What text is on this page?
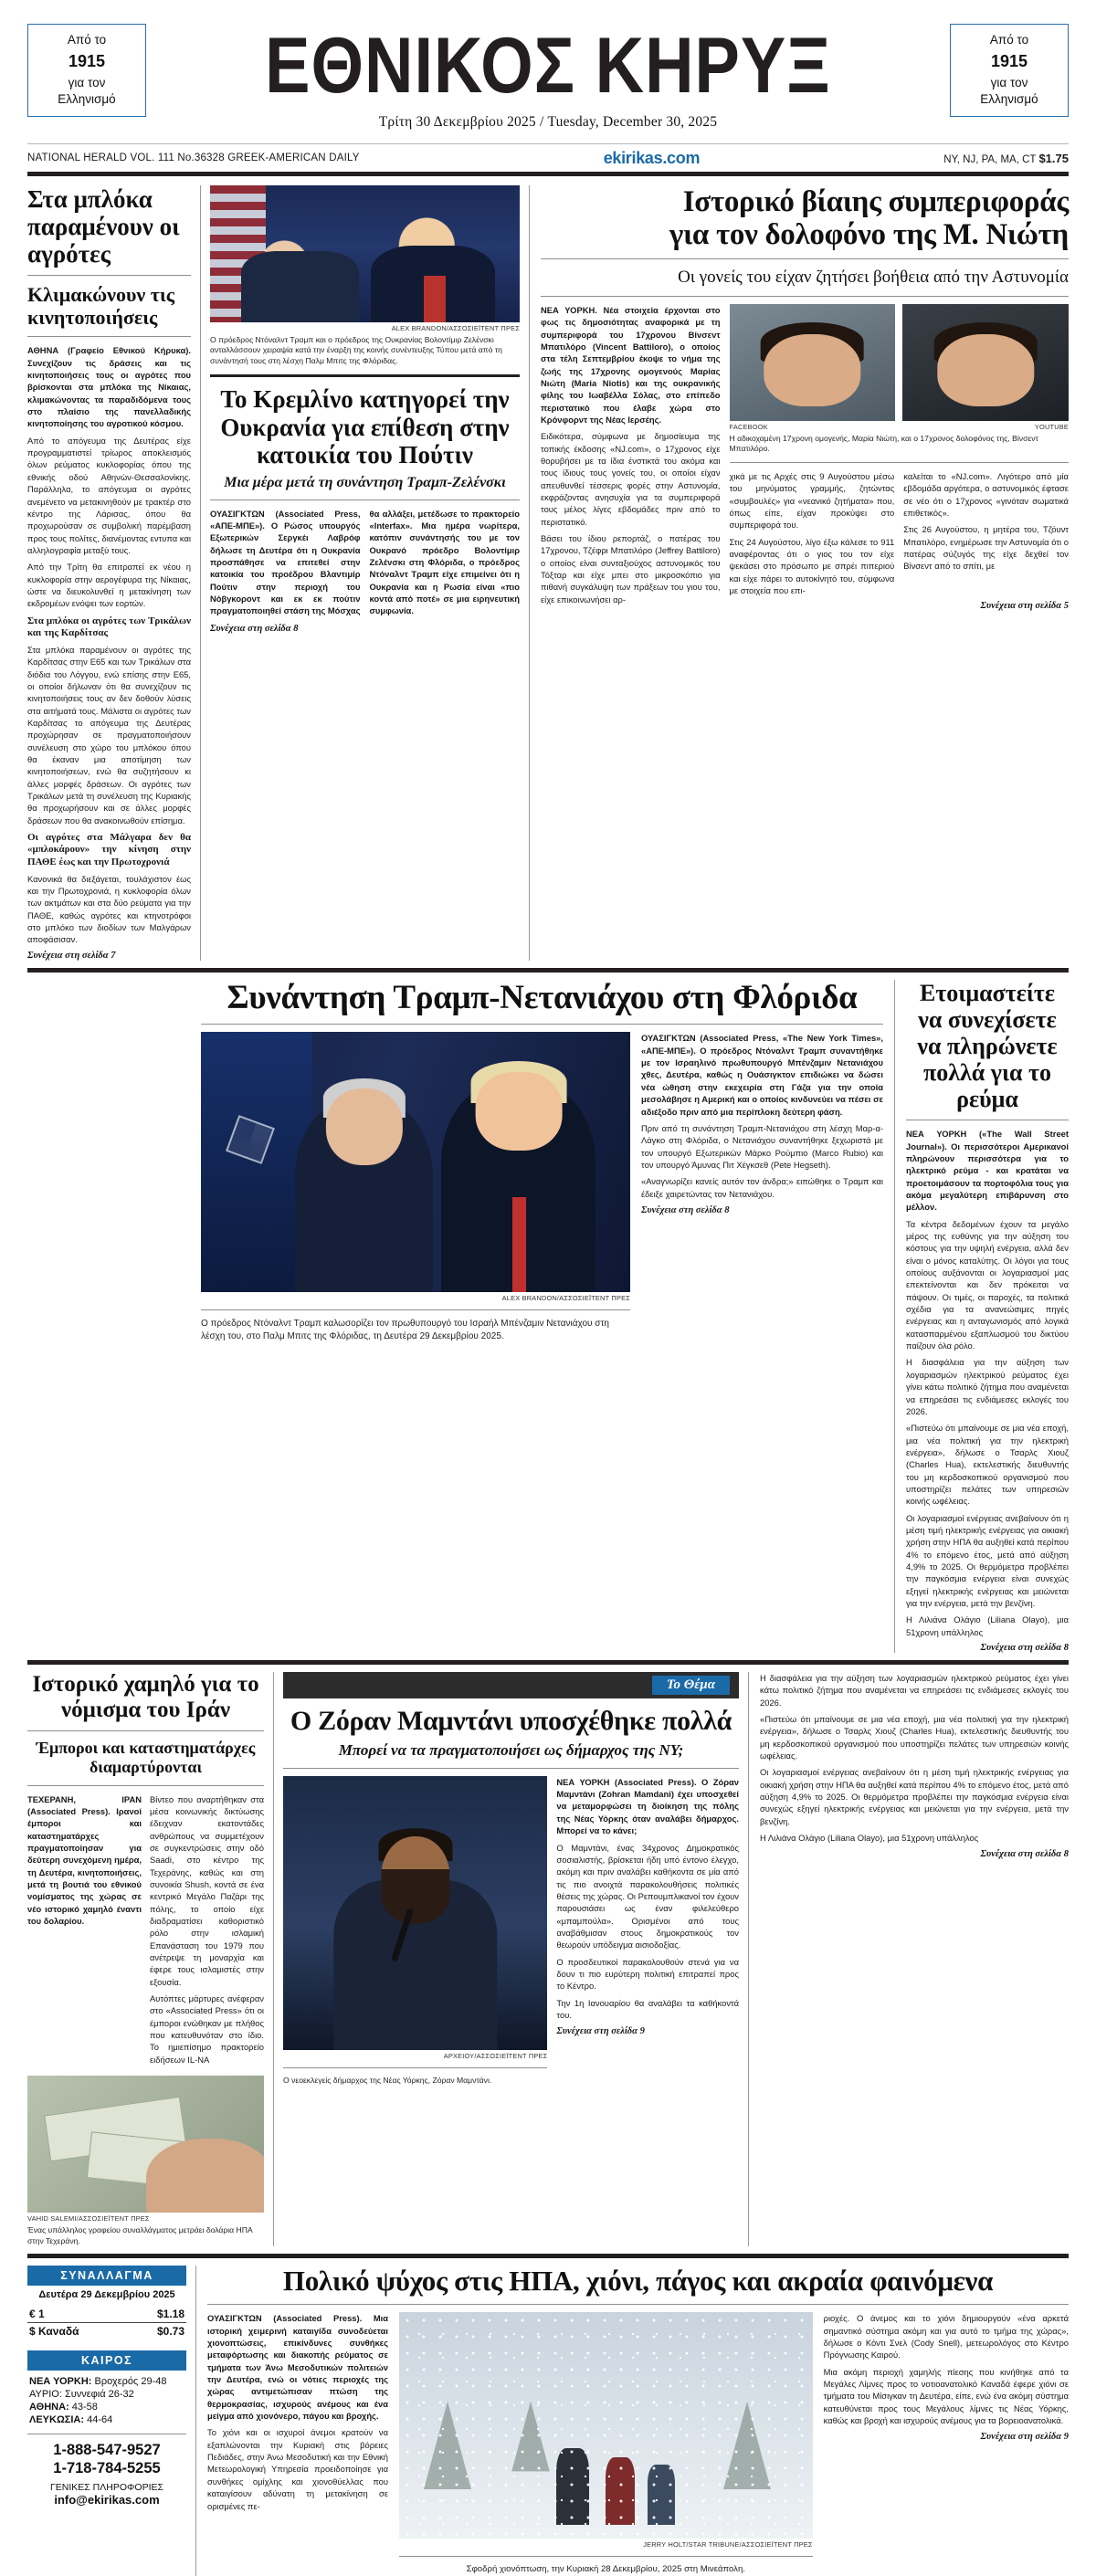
Από το
1915
για τον
Ελληνισμό	ΕΘΝΙΚΟΣ ΚΗΡΥΞ
Τρίτη 30 Δεκεμβρίου 2025 / Tuesday, December 30, 2025
Από το
1915
για τον
Ελληνισμό
NATIONAL HERALD VOL. 111 No.36328 GREEK-AMERICAN DAILY	ekirikas.com	NY, NJ, PA, MA, CT $1.75
Στα μπλόκα παραμένουν οι αγρότες
Κλιμακώνουν τις κινητοποιήσεις

ΑΘΗΝΑ (Γραφείο Εθνικού Κήρυκα). Συνεχίζουν τις δράσεις και τις κινητοποιήσεις τους οι αγρότες που βρίσκονται στα μπλόκα της Νίκαιας, κλιμακώνοντας τα παραδιδόμενα τους στο πλαίσιο της πανελλαδικής κινητοποίησης του αγροτικού κόσμου.

Από το απόγευμα της Δευτέρας είχε προγραμματιστεί τρίωρος αποκλεισμός όλων ρεύματος κυκλοφορίας όπου της εθνικής οδού Αθηνών-Θεσσαλονίκης. Παράλληλα, το απόγευμα οι αγρότες ανεμένετο να μετακινηθούν με τρακτέρ στο κέντρο της Λάρισας, όπου θα προχωρούσαν σε συμβολική παρέμβαση προς τους πολίτες, διανέμοντας εντυπα και αλληλογραφία μεταξύ τους.

Από την Τρίτη θα επιτραπεί εκ νέου η κυκλοφορία στην αερογέφυρα της Νίκαιας, ώστε να διευκολυνθεί η μετακίνηση των εκδρομέων ενόψει των εορτών.

Στα μπλόκα οι αγρότες των Τρικάλων και της Καρδίτσας

Στα μπλόκα παραμένουν οι αγρότες της Καρδίτσας στην Ε65 και των Τρικάλων στα διόδια του Λόγγου, ενώ επίσης στην Ε65, οι οποίοι δήλωναν ότι θα συνεχίζουν τις κινητοποιήσεις τους αν δεν δοθούν λύσεις στα αιτήματά τους. Μάλιστα οι αγρότες των Καρδίτσας το απόγευμα της Δευτέρας προχώρησαν σε πραγματοποιήσουν συνέλευση στο χώρο του μπλόκου όπου θα έκαναν μια αποτίμηση των κινητοποιήσεων, ενώ θα συζητήσουν κι άλλες μορφές δράσεων. Οι αγρότες των Τρικάλων μετά τη συνέλευση της Κυριακής θα προχωρήσουν και σε άλλες μορφές δράσεων που θα ανακοινωθούν επίσημα.

Οι αγρότες στα Μάλγαρα δεν θα «μπλοκάρουν» την κίνηση στην ΠΑΘΕ έως και την Πρωτοχρονιά

Κανονικά θα διεξάγεται, τουλάχιστον έως και την Πρωτοχρονιά, η κυκλοφορία όλων των ακτμάτων και στα δύο ρεύματα για την ΠΑΘΕ, καθώς αγρότες και κτηνοτρόφοι στο μπλόκο των διοδίων των Μαλγάρων αποφάσισαν.

Συνέχεια στη σελίδα 7
ALEX BRANDON/ΑΣΣΟΣΙΕΪΤΕΝΤ ΠΡΕΣ
Ο πρόεδρος Ντόναλντ Τραμπ και ο πρόεδρος της Ουκρανίας Βολοντίμιρ Ζελένσκι ανταλλάσσουν χειραψία κατά την έναρξη της κοινής συνέντευξης Τύπου μετά από τη συνάντησή τους στη λέσχη Παλμ Μπιτς της Φλόριδας.
Το Κρεμλίνο κατηγορεί την Ουκρανία για επίθεση στην κατοικία του Πούτιν
Μια μέρα μετά τη συνάντηση Τραμπ-Ζελένσκι

ΟΥΑΣΙΓΚΤΩΝ (Associated Press, «ΑΠΕ-ΜΠΕ»). Ο Ρώσος υπουργός Εξωτερικών Σεργκέι Λαβρόφ δήλωσε τη Δευτέρα ότι η Ουκρανία προσπάθησε να επιτεθεί στην κατοικία του προέδρου Βλαντιμίρ Πούτιν στην περιοχή του Νόβγκοροντ και εκ εκ πούτιν πραγματοποιηθεί στάση της Μόσχας θα αλλάξει, μετέδωσε το πρακτορείο «Interfax». Μια ημέρα νωρίτερα, κατόπιν συνάντησής του με τον Ουκρανό πρόεδρο Βολοντίμιρ Ζελένσκι στη Φλόριδα, ο πρόεδρος Ντόναλντ Τραμπ είχε επιμείνει ότι η Ουκρανία και η Ρωσία είναι «πιο κοντά από ποτέ» σε μια ειρηνευτική συμφωνία.

Συνέχεια στη σελίδα 8
Ιστορικό βίαιης συμπεριφοράς
για τον δολοφόνο της Μ. Νιώτη
Οι γονείς του είχαν ζητήσει βοήθεια από την Αστυνομία

ΝΕΑ ΥΟΡΚΗ. Νέα στοιχεία έρχονται στο φως τις δημοσιότητας αναφορικά με τη συμπεριφορά του 17χρονου Βίνσεντ Μπατιλόρο (Vincent Battiloro), ο οποίος στα τέλη Σεπτεμβρίου έκοψε το νήμα της ζωής της 17χρονης ομογενούς Μαρίας Νιώτη (Maria Niotis) και της ουκρανικής φίλης του Ιωαβέλλα Σόλας, στο επίπεδο περιστατικό που έλαβε χώρα στο Κρόνφορντ της Νέας Ιερσέης.

Ειδικότερα, σύμφωνα με δημοσίευμα της τοπικής έκδοσης «NJ.com», ο 17χρονος είχε θορυβήσει με τα ίδια ένστικτά του ακόμα και τους ίδιους τους γονείς του, οι οποίοι είχαν απευθυνθεί τέσσερις φορές στην Αστυνομία, εκφράζοντας ανησυχία για τα συμπεριφορά τους μέλος λίγες εβδομάδες πριν από το περιστατικό.

Βάσει του ίδιου ρεπορτάζ, ο πατέρας του 17χρονου, Τζέφρι Μπατιλόρο (Jeffrey Battiloro) ο οποίος είναι συνταξιούχος αστυνομικός του Τόξταρ και είχε μπει στο μικροσκόπιο για πιθανή συγκάλυψη των πράξεων του γιου του, είχε επικοινωνήσει αρ-

FACEBOOK	YOUTUBE
Η αδικοχαμένη 17χρονη ομογενής, Μαρία Νιώτη, και ο 17χρονος δολοφόνος της, Βίνσεντ Μπατιλόρο.

χικά με τις Αρχές στις 9 Αυγούστου μέσω του μηνύματος γραμμής, ζητώντας «συμβουλές» για «νεανικό ζητήματα» που, όπως είπε, είχαν προκύψει στο συμπεριφορά του.

Στις 24 Αυγούστου, λίγο έξω κάλεσε το 911 αναφέροντας ότι ο γιος του τον είχε ψεκάσει στο πρόσωπο με σπρέι πιπεριού και είχε πάρει το αυτοκίνητό του, σύμφωνα με στοιχεία που επι-

καλείται το «NJ.com». Λιγότερο από μία εβδομάδα αργότερα, ο αστυνομικός έφτασε σε νέο ότι ο 17χρονος «γινόταν σωματικά επιθετικός».

Στις 26 Αυγούστου, η μητέρα του, Τζόυντ Μπατιλόρο, ενημέρωσε την Αστυνομία ότι ο πατέρας σύζυγός της είχε δεχθεί τον Βίνσεντ από το σπίτι, με

Συνέχεια στη σελίδα 5
Συνάντηση Τραμπ-Νετανιάχου στη Φλόριδα
ALEX BRANDON/ΑΣΣΟΣΙΕΪΤΕΝΤ ΠΡΕΣ
Ο πρόεδρος Ντόναλντ Τραμπ καλωσορίζει τον πρωθυπουργό του Ισραήλ Μπένζαμιν Νετανιάχου στη λέσχη του, στο Παλμ Μπιτς της Φλόριδας, τη Δευτέρα 29 Δεκεμβρίου 2025.

ΟΥΑΣΙΓΚΤΩΝ (Associated Press, «The New York Times», «ΑΠΕ-ΜΠΕ»). Ο πρόεδρος Ντόναλντ Τραμπ συναντήθηκε με τον Ισραηλινό πρωθυπουργό Μπένζαμιν Νετανιάχου χθες, Δευτέρα, καθώς η Ουάσιγκτον επιδιώκει να δώσει νέα ώθηση στην εκεχειρία στη Γάζα για την οποία μεσολάβησε η Αμερική και ο οποίος κινδυνεύει να πέσει σε αδιέξοδο πριν από μια περίπλοκη δεύτερη φάση.

Πριν από τη συνάντηση Τραμπ-Νετανιάχου στη λέσχη Μαρ-α-Λάγκο στη Φλόριδα, ο Νετανιάχου συναντήθηκε ξεχωριστά με τον υπουργό Εξωτερικών Μάρκο Ρούμπιο (Marco Rubio) και τον υπουργό Άμυνας Πιτ Χέγκσεθ (Pete Hegseth).

«Αναγνωρίζει κανείς αυτόν τον άνδρα;» ειπώθηκε ο Τραμπ και έδειξε χαιρετώντας τον Νετανιάχου.

Συνέχεια στη σελίδα 8
Ετοιμαστείτε να συνεχίσετε να πληρώνετε πολλά για το ρεύμα

ΝΕΑ ΥΟΡΚΗ («The Wall Street Journal»). Οι περισσότεροι Αμερικανοί πληρώνουν περισσότερα για το ηλεκτρικό ρεύμα - και κρατάται να προετοιμάσουν τα πορτοφόλια τους για ακόμα μεγαλύτερη επιβάρυνση στο μέλλον.

Τα κέντρα δεδομένων έχουν τα μεγάλο μέρος της ευθύνης για την αύξηση του κόστους για την υψηλή ενέργεια, αλλά δεν είναι ο μόνος καταλύτης. Οι λόγοι για τους οποίους αυξάνονται οι λογαριασμοί μας επεκτείνονται και δεν πρόκειται να πάψουν. Οι τιμές, οι παροχές, τα πολιτικά σχέδια για τα ανανεώσιμες πηγές ενέργειας και η ανταγωνισμός από λογικά κατασπαρμένου εξαπλωσμού του δικτύου παίζουν όλα ρόλο.

Η διασφάλεια για την αύξηση των λογαριασμών ηλεκτρικού ρεύματος έχει γίνει κάτω πολιτικό ζήτημα που αναμένεται να επηρεάσει τις ενδιάμεσες εκλογές του 2026.

«Πιστεύω ότι μπαίνουμε σε μια νέα εποχή, μια νέα πολιτική για την ηλεκτρική ενέργεια», δήλωσε ο Τσαρλς Χιουζ (Charles Hua), εκτελεστικής διευθυντής του μη κερδοσκοπικού οργανισμού που υποστηρίζει πελάτες των υπηρεσιών κοινής ωφέλειας.

Οι λογαριασμοί ενέργειας ανεβαίνουν ότι η μέση τιμή ηλεκτρικής ενέργειας για οικιακή χρήση στην ΗΠΑ θα αυξηθεί κατά περίπου 4% το επόμενο έτος, μετά από αύξηση 4,9% το 2025. Οι θερμόμετρα προβλέπει την παγκόσμια ενέργεια είναι συνεχώς εξηγεί ηλεκτρικής ενέργειας και μειώνεται για την ενέργεια, μετά την βενζίνη.

Η Λιλιάνα Ολάγιο (Liliana Olayo), μια 51χρονη υπάλληλος

Συνέχεια στη σελίδα 8
Ιστορικό χαμηλό για το νόμισμα του Ιράν
Έμποροι και καταστηματάρχες διαμαρτύρονται

ΤΕΧΕΡΑΝΗ, ΙΡΑΝ (Associated Press). Ιρανοί έμποροι και καταστηματάρχες πραγματοποίησαν για δεύτερη συνεχόμενη ημέρα, τη Δευτέρα, κινητοποιήσεις, μετά τη βουτιά του εθνικού νομίσματος της χώρας σε νέο ιστορικό χαμηλό έναντι του δολαρίου.

Βίντεο που αναρτήθηκαν στα μέσα κοινωνικής δικτύωσης έδειχναν εκατοντάδες ανθρώπους να συμμετέχουν σε συγκεντρώσεις στην οδό Saadi, στο κέντρο της Τεχεράνης, καθώς και στη συνοικία Shush, κοντά σε ένα κεντρικό Μεγάλο Παζάρι της πόλης, το οποίο είχε διαδραματίσει καθοριστικό ρόλο στην ισλαμική Επανάσταση του 1979 που ανέτρεψε τη μοναρχία και έφερε τους ισλαμιστές στην εξουσία.

Αυτόπτες μάρτυρες ανέφεραν στο «Associated Press» ότι οι έμποροι ενώθηκαν με πλήθος που κατευθυνόταν στο ίδιο. Το ημιεπίσημο πρακτορείο ειδήσεων IL-NA

VAHID SALEMI/ΑΣΣΟΣΙΕΪΤΕΝΤ ΠΡΕΣ
Ένας υπάλληλος γραφείου συναλλάγματος μετράει δολάρια ΗΠΑ στην Τεχεράνη.
Το Θέμα
Ο Ζόραν Μαμντάνι υποσχέθηκε πολλά
Μπορεί να τα πραγματοποιήσει ως δήμαρχος της ΝΥ;
ΑΡΧΕΙΟΥ/ΑΣΣΟΣΙΕΪΤΕΝΤ ΠΡΕΣ
Ο νεοεκλεγείς δήμαρχος της Νέας Υόρκης, Ζόραν Μαμντάνι.

ΝΕΑ ΥΟΡΚΗ (Associated Press). Ο Ζόραν Μαμντάνι (Zohran Mamdani) έχει υποσχεθεί να μεταμορφώσει τη διοίκηση της πόλης της Νέας Υόρκης όταν αναλάβει δήμαρχος. Μπορεί να το κάνει;

Ο Μαμντάνι, ένας 34χρονος Δημοκρατικός σοσιαλιστής, βρίσκεται ήδη υπό έντονο έλεγχο, ακόμη και πριν αναλάβει καθήκοντα σε μία από τις πιο ανοιχτά παρακολουθήσεις πολιτικές θέσεις της χώρας. Οι Ρεπουμπλικανοί τον έχουν παρουσιάσει ως έναν φιλελεύθερο «μπαμπούλα». Ορισμένοι από τους αναβάθμισαν στους δημοκρατικούς τον θεωρούν υπόδειγμα αισιοδοξίας.

Ο προσδευτικοί παρακολουθούν στενά για να δουν τι πιο ευρύτερη πολιτική επιτραπεί προς το Κέντρο.

Την 1η Ιανουαρίου θα αναλάβει τα καθήκοντά του.

Συνέχεια στη σελίδα 9

Η διασφάλεια για την αύξηση των λογαριασμών ηλεκτρικού ρεύματος έχει γίνει κάτω πολιτικό ζήτημα που αναμένεται να επηρεάσει τις ενδιάμεσες εκλογές του 2026.

«Πιστεύω ότι μπαίνουμε σε μια νέα εποχή, μια νέα πολιτική για την ηλεκτρική ενέργεια», δήλωσε ο Τσαρλς Χιουζ (Charles Hua), εκτελεστικής διευθυντής του μη κερδοσκοπικού οργανισμού που υποστηρίζει πελάτες των υπηρεσιών κοινής ωφέλειας.

Οι λογαριασμοί ενέργειας ανεβαίνουν ότι η μέση τιμή ηλεκτρικής ενέργειας για οικιακή χρήση στην ΗΠΑ θα αυξηθεί κατά περίπου 4% το επόμενο έτος, μετά από αύξηση 4,9% το 2025. Οι θερμόμετρα προβλέπει την παγκόσμια ενέργεια είναι συνεχώς εξηγεί ηλεκτρικής ενέργειας και μειώνεται για την ενέργεια, μετά την βενζίνη.

Η Λιλιάνα Ολάγιο (Liliana Olayo), μια 51χρονη υπάλληλος

Συνέχεια στη σελίδα 8
ΣΥΝΑΛΛΑΓΜΑ
Δευτέρα 29 Δεκεμβρίου 2025
€ 1	$1.18
$ Καναδά	$0.73
ΚΑΙΡΟΣ
ΝΕΑ ΥΟΡΚΗ: Βροχερός 29-48
ΑΥΡΙΟ: Συννεφιά 26-32
ΑΘΗΝΑ: 43-58
ΛΕΥΚΩΣΙΑ: 44-64
1-888-547-9527
1-718-784-5255
ΓΕΝΙΚΕΣ ΠΛΗΡΟΦΟΡΙΕΣ
info@ekirikas.com
Πολικό ψύχος στις ΗΠΑ, χιόνι, πάγος και ακραία φαινόμενα

ΟΥΑΣΙΓΚΤΩΝ (Associated Press). Μια ιστορική χειμερινή καταιγίδα συνοδεύεται χιονοπτώσεις, επικίνδυνες συνθήκες μεταφόρτωσης και διακοπής ρεύματος σε τμήματα των Άνω Μεσοδυτικών πολιτειών την Δευτέρα, ενώ οι νότιες περιοχές της χώρας αντιμετώπισαν πτώση της θερμοκρασίας, ισχυρούς ανέμους και ένα μείγμα από χιονόνερο, πάγου και βροχής.

Το χιόνι και οι ισχυροί άνεμοι κρατούν να εξαπλώνονται την Κυριακή στις βόρειες Πεδιάδες, στην Άνω Μεσοδυτική και την Εθνική Μετεωρολογική Υπηρεσία προειδοποίησε για συνθήκες ομίχλης και χιονοθύελλας που καταιγίσουν αδύνατη τη μετακίνηση σε ορισμένες πε-

JERRY HOLT/STAR TRIBUNE/ΑΣΣΟΣΙΕΪΤΕΝΤ ΠΡΕΣ
Σφοδρή χιονόπτωση, την Κυριακή 28 Δεκεμβρίου, 2025 στη Μινεάπολη.

ριοχές. Ο άνεμος και το χιόνι δημιουργούν «ένα αρκετά σημαντικό σύστημα ακόμη και για αυτό το τμήμα της χώρας», δήλωσε ο Κόντι Σνελ (Cody Snell), μετεωρολόγος στο Κέντρο Πρόγνωσης Καιρού.

Μια ακόμη περιοχή χαμηλής πίεσης που κινήθηκε από τα Μεγάλες Λίμνες προς το νοτιοανατολικό Καναδά έφερε χιόνι σε τμήματα του Μίσιγκαν τη Δευτέρα, είπε, ενώ ένα ακόμη σύστημα κατευθύνεται προς τους Μεγάλους λίμνες τις Νέας Υόρκης, καθώς και βροχή και ισχυρούς ανέμους για τα βορειοανατολικά.

Συνέχεια στη σελίδα 9
